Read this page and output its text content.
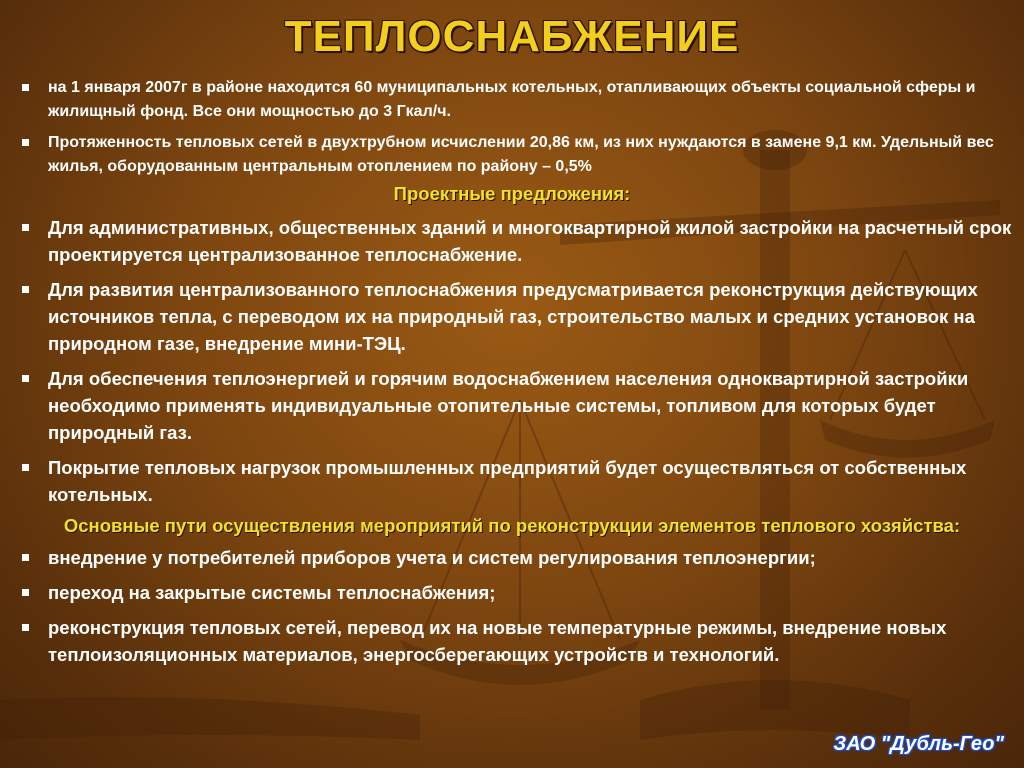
ТЕПЛОСНАБЖЕНИЕ
на 1 января 2007г в районе находится 60 муниципальных котельных, отапливающих объекты социальной сферы и жилищный фонд. Все они мощностью до 3 Гкал/ч.
Протяженность тепловых сетей в двухтрубном исчислении 20,86 км, из них нуждаются в замене 9,1 км. Удельный вес жилья, оборудованным центральным отоплением по району – 0,5%
Проектные предложения:
Для административных, общественных зданий и многоквартирной жилой застройки на расчетный срок проектируется централизованное теплоснабжение.
Для развития централизованного теплоснабжения предусматривается реконструкция действующих источников тепла, с переводом их на природный газ, строительство малых и средних установок на природном газе, внедрение мини-ТЭЦ.
Для обеспечения теплоэнергией и горячим водоснабжением населения одноквартирной застройки необходимо применять индивидуальные отопительные системы, топливом для которых будет природный газ.
Покрытие тепловых нагрузок промышленных предприятий будет осуществляться от собственных котельных.
Основные пути осуществления мероприятий по реконструкции элементов теплового хозяйства:
внедрение у потребителей приборов учета и систем регулирования теплоэнергии;
переход на закрытые системы теплоснабжения;
реконструкция тепловых сетей, перевод их на новые температурные режимы, внедрение новых теплоизоляционных материалов, энергосберегающих устройств и технологий.
ЗАО "Дубль-Гео"
